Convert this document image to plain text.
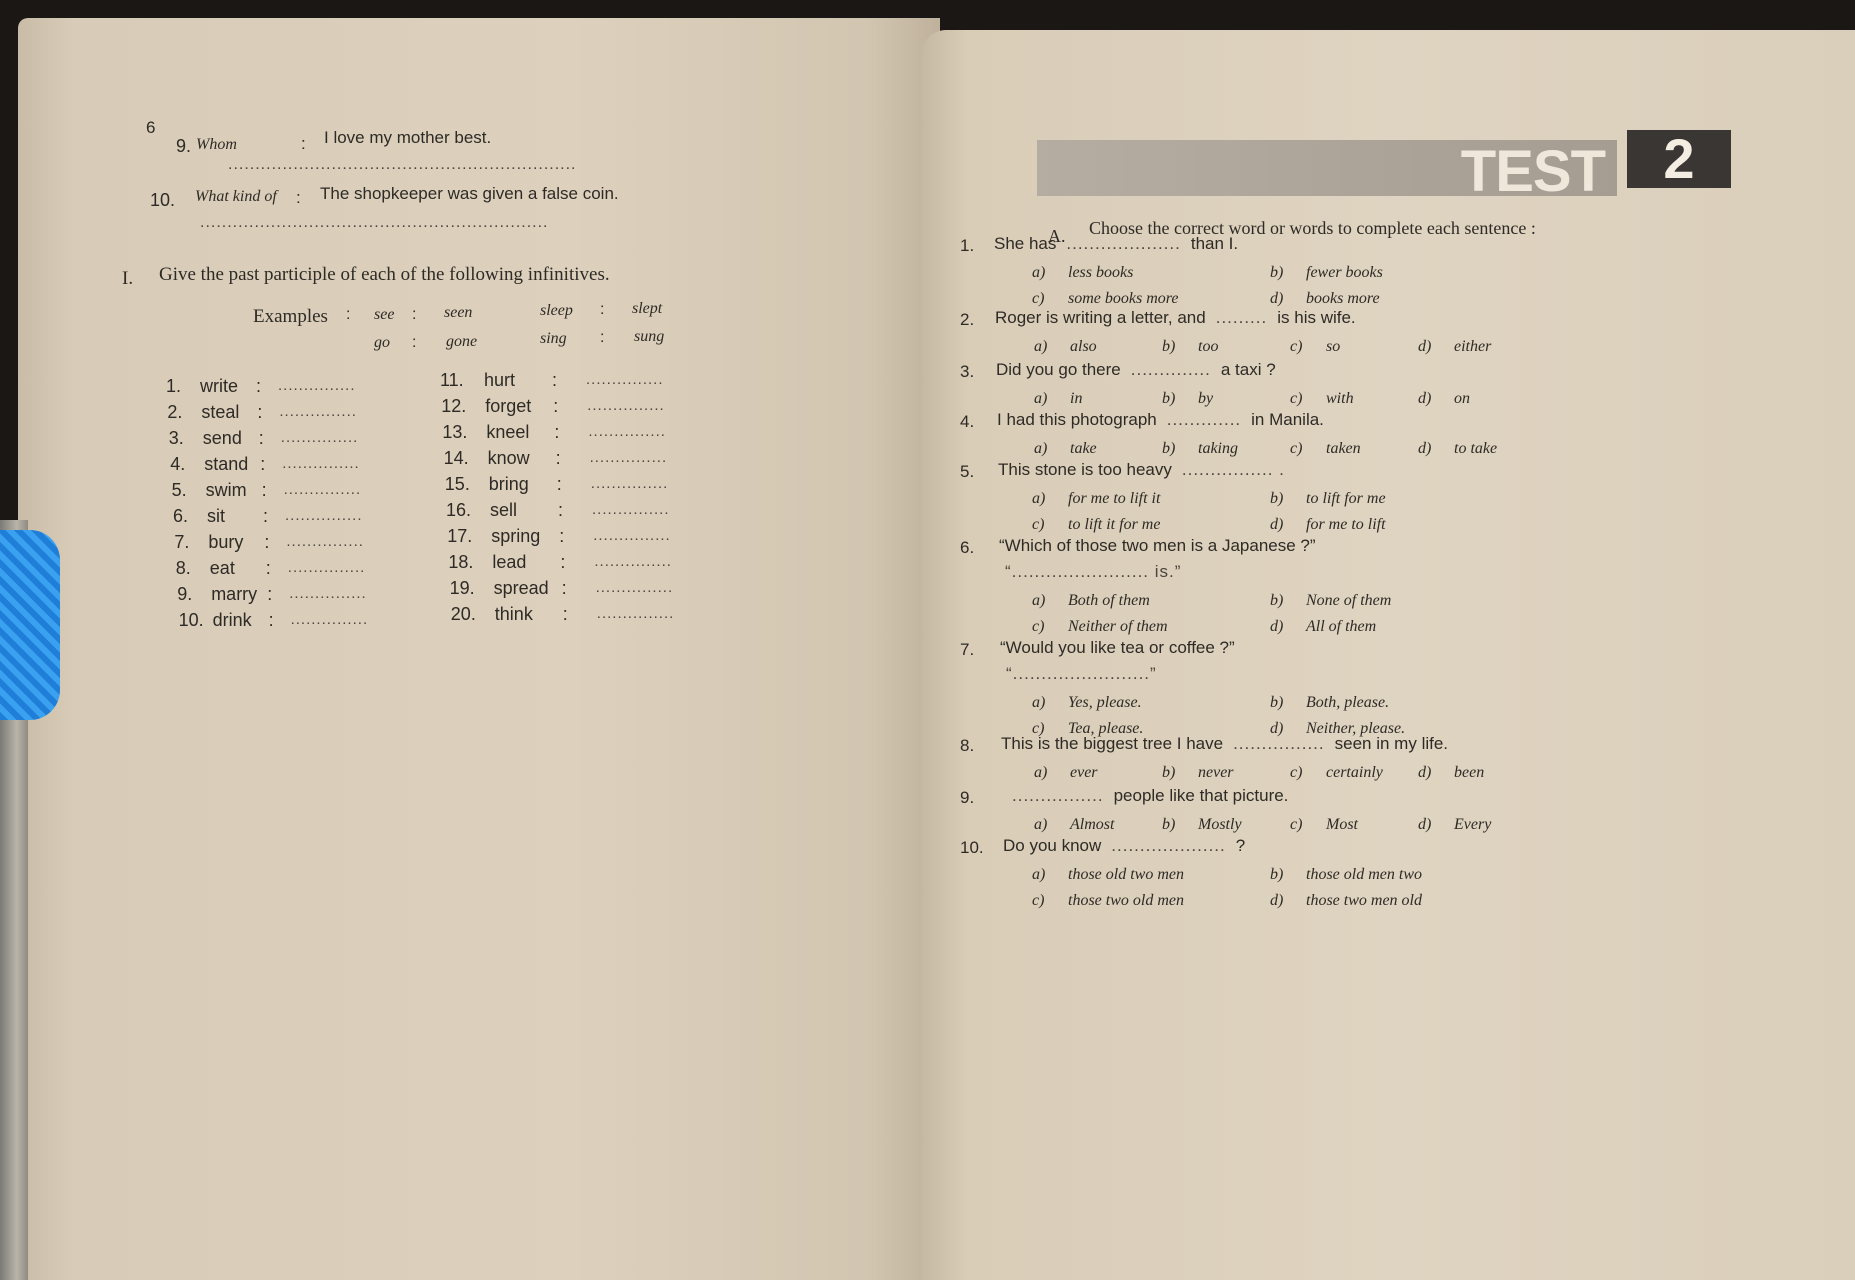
6
9. Whom	: I love my mother best.
................................................................
10. What kind of : The shopkeeper was given a false coin.
................................................................
I. Give the past participle of each of the following infinitives.
Examples : see : seen	sleep : slept
go : gone	sing : sung
1. write : ...............
2. steal : ...............
3. send : ...............
4. stand : ...............
5. swim : ...............
6. sit : ...............
7. bury : ...............
8. eat : ...............
9. marry : ...............
10. drink : ...............
11. hurt : ...............
12. forget : ...............
13. kneel : ...............
14. know : ...............
15. bring : ...............
16. sell : ...............
17. spring : ...............
18. lead : ...............
19. spread : ...............
20. think : ...............
TEST	2
A. Choose the correct word or words to complete each sentence :
1. She has .................... than I.
a) less books	b) fewer books
c) some books more	d) books more
2. Roger is writing a letter, and ......... is his wife.
a) also	b) too	c) so	d) either
3. Did you go there .............. a taxi ?
a) in	b) by	c) with	d) on
4. I had this photograph ............. in Manila.
a) take	b) taking	c) taken	d) to take
5. This stone is too heavy ................ .
a) for me to lift it	b) to lift for me
c) to lift it for me	d) for me to lift
6. “Which of those two men is a Japanese ?”
“........................ is.”
a) Both of them	b) None of them
c) Neither of them	d) All of them
7. “Would you like tea or coffee ?”
“........................”
a) Yes, please.	b) Both, please.
c) Tea, please.	d) Neither, please.
8. This is the biggest tree I have ................ seen in my life.
a) ever	b) never	c) certainly d) been
9.	................ people like that picture.
a) Almost	b) Mostly	c) Most	d) Every
10. Do you know .................... ?
a) those old two men	b) those old men two
c) those two old men	d) those two men old
